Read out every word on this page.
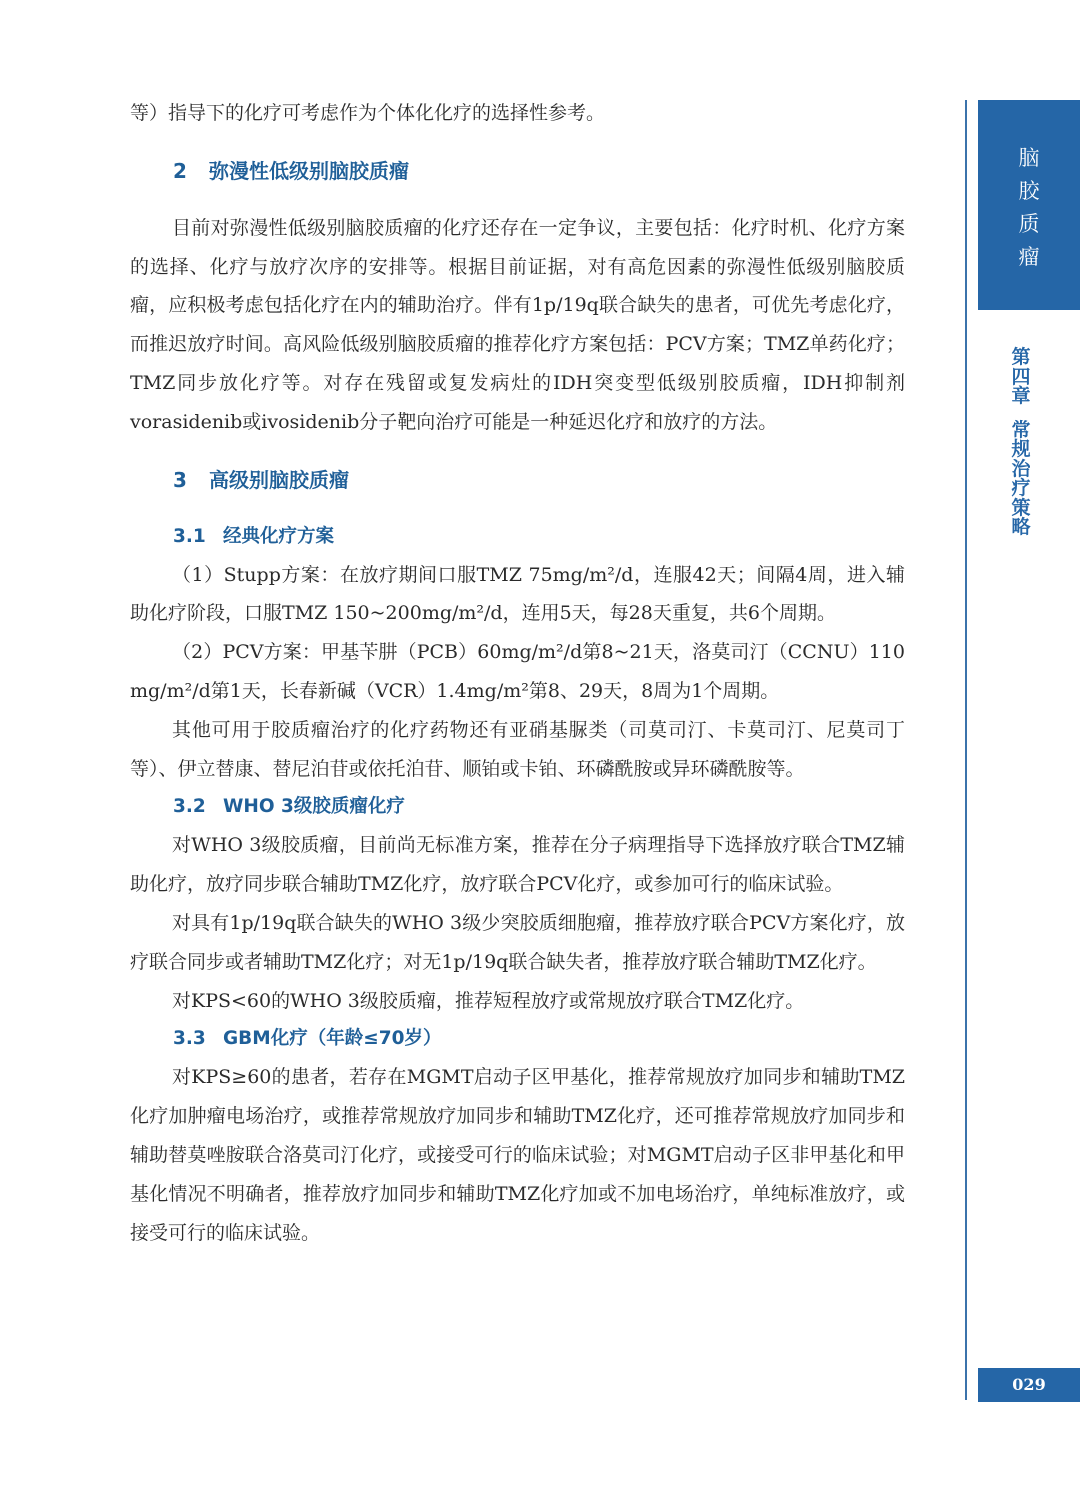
等）指导下的化疗可考虑作为个体化化疗的选择性参考。

2 弥漫性低级别脑胶质瘤

目前对弥漫性低级别脑胶质瘤的化疗还存在一定争议，主要包括：化疗时机、化疗方案的选择、化疗与放疗次序的安排等。根据目前证据，对有高危因素的弥漫性低级别脑胶质瘤，应积极考虑包括化疗在内的辅助治疗。伴有1p/19q联合缺失的患者，可优先考虑化疗，而推迟放疗时间。高风险低级别脑胶质瘤的推荐化疗方案包括：PCV方案；TMZ单药化疗；TMZ同步放化疗等。对存在残留或复发病灶的IDH突变型低级别胶质瘤，IDH抑制剂vorasidenib或ivosidenib分子靶向治疗可能是一种延迟化疗和放疗的方法。

3 高级别脑胶质瘤
3.1 经典化疗方案

（1）Stupp方案：在放疗期间口服TMZ 75mg/m²/d，连服42天；间隔4周，进入辅助化疗阶段，口服TMZ 150~200mg/m²/d，连用5天，每28天重复，共6个周期。

（2）PCV方案：甲基苄肼（PCB）60mg/m²/d第8~21天，洛莫司汀（CCNU）110 mg/m²/d第1天，长春新碱（VCR）1.4mg/m²第8、29天，8周为1个周期。

其他可用于胶质瘤治疗的化疗药物还有亚硝基脲类（司莫司汀、卡莫司汀、尼莫司丁等）、伊立替康、替尼泊苷或依托泊苷、顺铂或卡铂、环磷酰胺或异环磷酰胺等。

3.2 WHO 3级胶质瘤化疗

对WHO 3级胶质瘤，目前尚无标准方案，推荐在分子病理指导下选择放疗联合TMZ辅助化疗，放疗同步联合辅助TMZ化疗，放疗联合PCV化疗，或参加可行的临床试验。

对具有1p/19q联合缺失的WHO 3级少突胶质细胞瘤，推荐放疗联合PCV方案化疗，放疗联合同步或者辅助TMZ化疗；对无1p/19q联合缺失者，推荐放疗联合辅助TMZ化疗。

对KPS<60的WHO 3级胶质瘤，推荐短程放疗或常规放疗联合TMZ化疗。

3.3 GBM化疗（年龄≤70岁）

对KPS≥60的患者，若存在MGMT启动子区甲基化，推荐常规放疗加同步和辅助TMZ化疗加肿瘤电场治疗，或推荐常规放疗加同步和辅助TMZ化疗，还可推荐常规放疗加同步和辅助替莫唑胺联合洛莫司汀化疗，或接受可行的临床试验；对MGMT启动子区非甲基化和甲基化情况不明确者，推荐放疗加同步和辅助TMZ化疗加或不加电场治疗，单纯标准放疗，或接受可行的临床试验。

脑胶质瘤
第
四
章
常
规
治
疗
策
略
029
